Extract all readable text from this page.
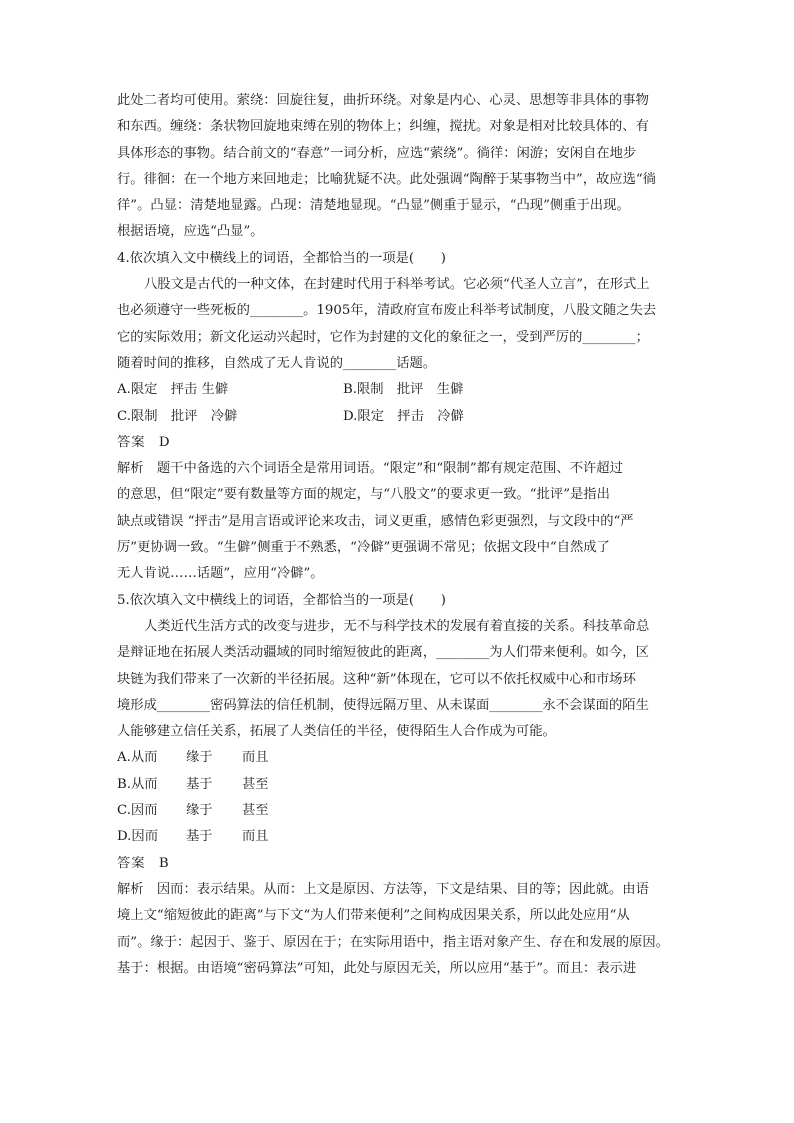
此处二者均可使用。萦绕：回旋往复，曲折环绕。对象是内心、心灵、思想等非具体的事物
和东西。缠绕：条状物回旋地束缚在别的物体上；纠缠，搅扰。对象是相对比较具体的、有
具体形态的事物。结合前文的“春意”一词分析，应选“萦绕”。徜徉：闲游；安闲自在地步
行。徘徊：在一个地方来回地走；比喻犹疑不决。此处强调“陶醉于某事物当中”，故应选“徜
徉”。凸显：清楚地显露。凸现：清楚地显现。“凸显”侧重于显示，“凸现”侧重于出现。
根据语境，应选“凸显”。
4.依次填入文中横线上的词语，全都恰当的一项是(　　)
八股文是古代的一种文体，在封建时代用于科举考试。它必须“代圣人立言”，在形式上
也必须遵守一些死板的________。1905年，清政府宣布废止科举考试制度，八股文随之失去
它的实际效用；新文化运动兴起时，它作为封建的文化的象征之一，受到严厉的________；
随着时间的推移，自然成了无人肯说的________话题。
A.限定　抨击 生僻	B.限制　批评　生僻
C.限制　批评　冷僻	D.限定　抨击　冷僻
答案　 D
解析　题干中备选的六个词语全是常用词语。“限定”和“限制”都有规定范围、不许超过
的意思，但“限定”要有数量等方面的规定，与“八股文”的要求更一致。“批评”是指出
缺点或错误 “抨击”是用言语或评论来攻击，词义更重，感情色彩更强烈，与文段中的“严
厉”更协调一致。“生僻”侧重于不熟悉，“冷僻”更强调不常见；依据文段中“自然成了
无人肯说……话题”，应用“冷僻”。
5.依次填入文中横线上的词语，全都恰当的一项是(　　)
人类近代生活方式的改变与进步，无不与科学技术的发展有着直接的关系。科技革命总
是辩证地在拓展人类活动疆域的同时缩短彼此的距离，________为人们带来便利。如今，区
块链为我们带来了一次新的半径拓展。这种“新”体现在，它可以不依托权威中心和市场环
境形成________密码算法的信任机制，使得远隔万里、从未谋面________永不会谋面的陌生
人能够建立信任关系，拓展了人类信任的半径，使得陌生人合作成为可能。
A.从而 缘于 而且
B.从而 基于 甚至
C.因而 缘于 甚至
D.因而 基于 而且
答案　 B
解析　因而：表示结果。从而：上文是原因、方法等，下文是结果、目的等；因此就。由语
境上文“缩短彼此的距离”与下文“为人们带来便利”之间构成因果关系，所以此处应用“从
而”。缘于：起因于、鉴于、原因在于；在实际用语中，指主语对象产生、存在和发展的原因。
基于：根据。由语境“密码算法”可知，此处与原因无关，所以应用“基于”。而且：表示进
